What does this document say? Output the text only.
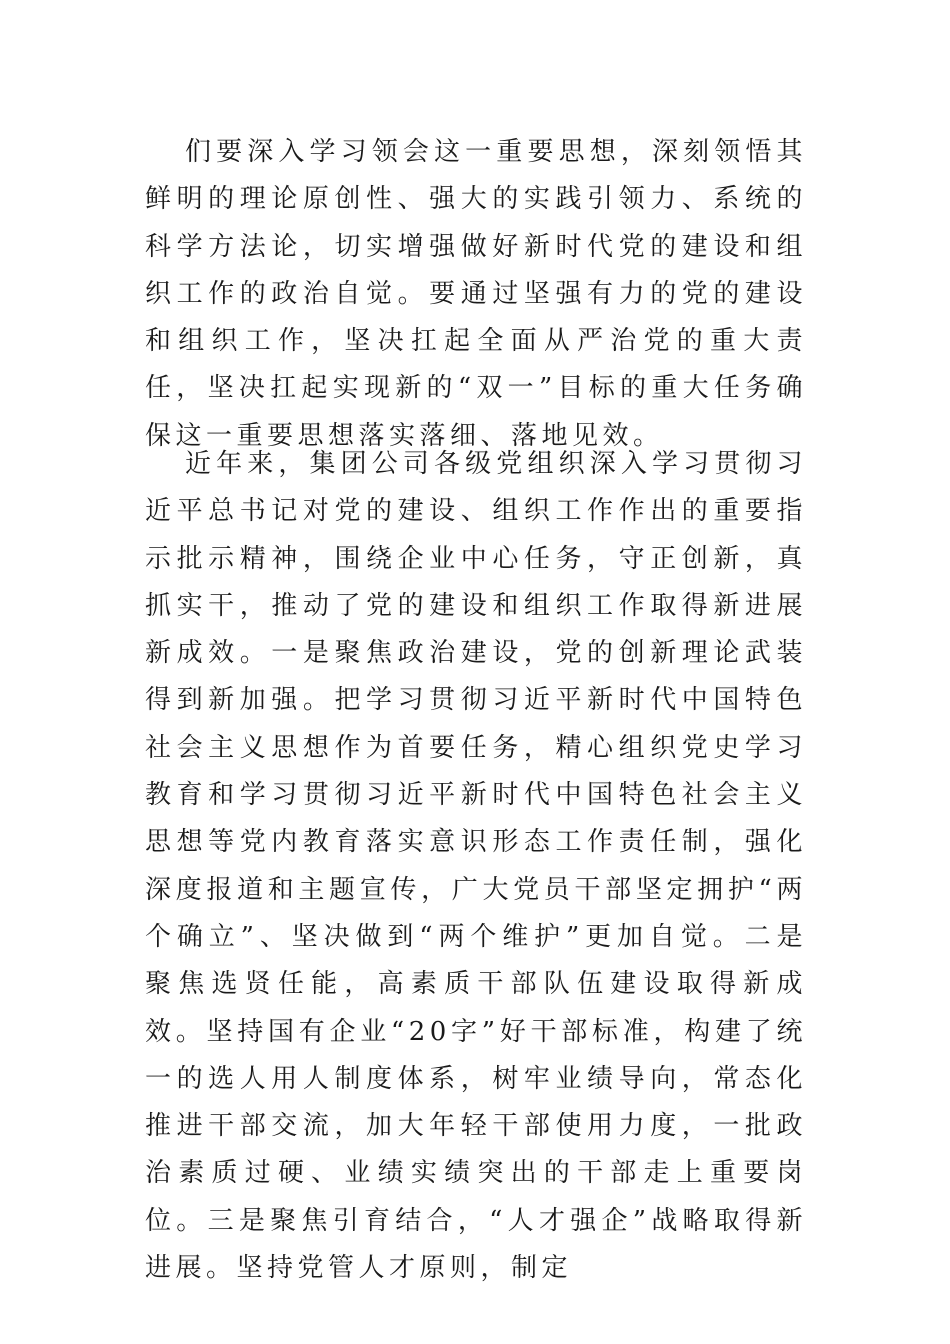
们要深入学习领会这一重要思想，深刻领悟其鲜明的理论原创性、强大的实践引领力、系统的科学方法论，切实增强做好新时代党的建设和组织工作的政治自觉。要通过坚强有力的党的建设和组织工作，坚决扛起全面从严治党的重大责任，坚决扛起实现新的“双一”目标的重大任务确保这一重要思想落实落细、落地见效。

近年来，集团公司各级党组织深入学习贯彻习近平总书记对党的建设、组织工作作出的重要指示批示精神，围绕企业中心任务，守正创新，真抓实干，推动了党的建设和组织工作取得新进展新成效。一是聚焦政治建设，党的创新理论武装得到新加强。把学习贯彻习近平新时代中国特色社会主义思想作为首要任务，精心组织党史学习教育和学习贯彻习近平新时代中国特色社会主义思想等党内教育落实意识形态工作责任制，强化深度报道和主题宣传，广大党员干部坚定拥护“两个确立”、坚决做到“两个维护”更加自觉。二是聚焦选贤任能，高素质干部队伍建设取得新成效。坚持国有企业“20字”好干部标准，构建了统一的选人用人制度体系，树牢业绩导向，常态化推进干部交流，加大年轻干部使用力度，一批政治素质过硬、业绩实绩突出的干部走上重要岗位。三是聚焦引育结合，“人才强企”战略取得新进展。坚持党管人才原则，制定
